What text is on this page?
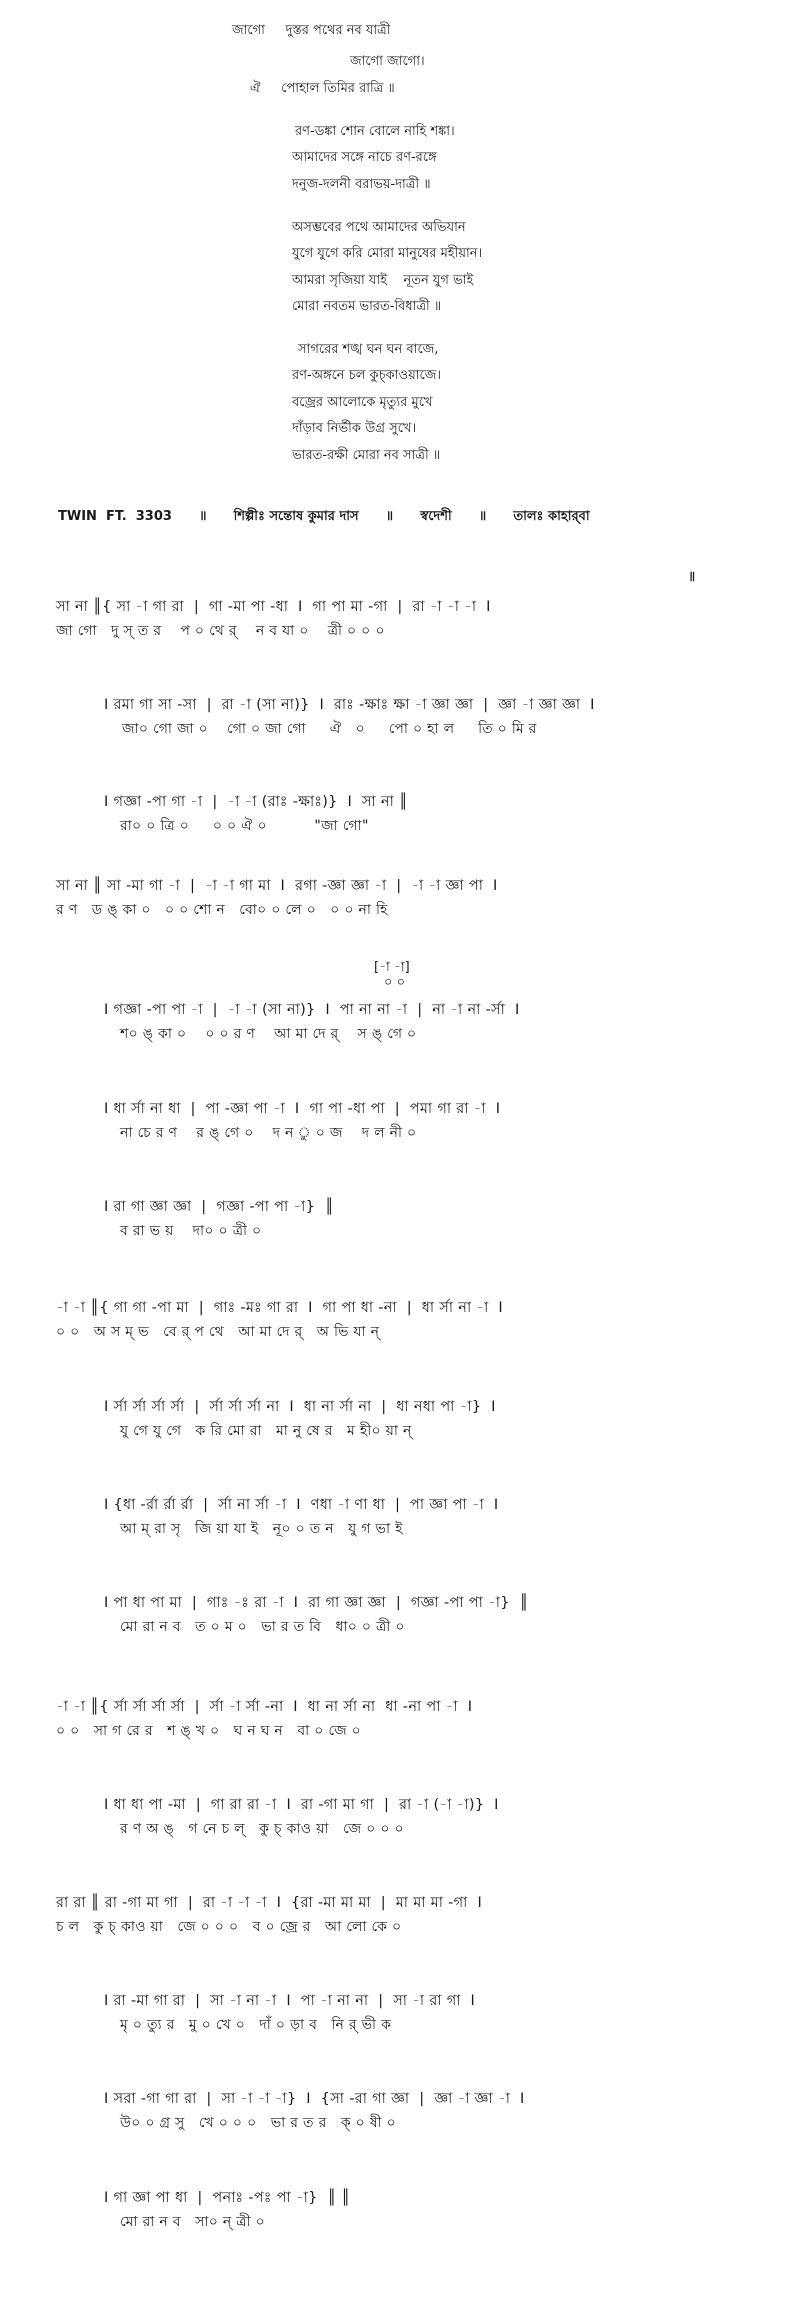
জাগো     দুস্তর পথের নব যাত্রী
জাগো জাগো।
ঐ     পোহাল তিমির রাত্রি ॥
রণ-ডঙ্কা শোন বোলে নাহি শঙ্কা।
আমাদের সঙ্গে নাচে রণ-রঙ্গে
দনুজ-দলনী বরাভয়-দাত্রী ॥
অসম্ভবের পথে আমাদের অভিযান
যুগে যুগে করি মোরা মানুষের মহীয়ান।
আমরা সৃজিয়া যাই    নূতন যুগ ভাই
মোরা নবতম ভারত-বিধাত্রী ॥
সাগরের শঙ্খ ঘন ঘন বাজে,
রণ-অঙ্গনে চল কুচ্‌কাওয়াজে।
বজ্রের আলোকে মৃত্যুর মুখে
দাঁড়াব নির্ভীক উগ্র সুখে।
ভারত-রক্ষী মোরা নব সাত্রী ॥
TWIN  FT.  3303      ॥      শিল্পীঃ সন্তোষ কুমার দাস      ॥      স্বদেশী      ॥      তালঃ কাহার্‌বা
৷৷
সা না ║{ সা -া গা রা  |  গা -মা পা -ধা  I  গা পা মা -গা  |  রা -া -া -া  I
জা গো   দু স্ ত র    প ০ থে র্    ন ব যা ০    ত্রী ০ ০ ০
I রমা গা সা -সা  |  রা -া (সা না)}  I  রাঃ -ক্ষাঃ ক্ষা -া জ্ঞা জ্ঞা  |  জ্ঞা -া জ্ঞা জ্ঞা  I
জা০ গো জা ০    গো ০ জা গো     ঐ   ০     পো ০ হা ল     তি ০ মি র
I গজ্ঞা -পা গা -া  |  -া -া (রাঃ -ক্ষাঃ)}  I  সা না ║
রা০ ০ ত্রি ০     ০ ০ ঐ ০          "জা গো"
সা না ║ সা -মা গা -া  |  -া -া গা মা  I  রগা -জ্ঞা জ্ঞা -া  |  -া -া জ্ঞা পা  I
র ণ   ড ঙ্ কা ০   ০ ০ শো ন   বো০ ০ লে ০   ০ ০ না হি
[-া -া]
০ ০
I গজ্ঞা -পা পা -া  |  -া -া (সা না)}  I  পা না না -া  |  না -া না -র্সা  I
শ০ ঙ্ কা ০    ০ ০ র ণ    আ মা দে র্    স ঙ্ গে ০
I ধা র্সা না ধা  |  পা -জ্ঞা পা -া  I  গা পা -ধা পা  |  পমা গা রা -া  I
না চে র ণ    র ঙ্ গে ০    দ ন ু ০ জ    দ ল নী ০
I রা গা জ্ঞা জ্ঞা  |  গজ্ঞা -পা পা -া}  ║
ব রা ভ য়    দা০ ০ ত্রী ০
-া -া ║{ গা গা -পা মা  |  গাঃ -মঃ গা রা  I  গা পা ধা -না  |  ধা র্সা না -া  I
০ ০   অ স ম্ ভ   বে র্ প থে   আ মা দে র্   অ ভি যা ন্
I র্সা র্সা র্সা র্সা  |  র্সা র্সা র্সা না  I  ধা না র্সা না  |  ধা নধা পা -া}  I
যু গে যু গে   ক রি মো রা   মা নু ষে র   ম হী০ য়া ন্
I {ধা -র্রা র্রা র্রা  |  র্সা না র্সা -া  I  ণধা -া ণা ধা  |  পা জ্ঞা পা -া  I
আ ম্ রা সৃ   জি য়া যা ই   নূ০ ০ ত ন   যু গ ভা ই
I পা ধা পা মা  |  গাঃ -ঃ রা -া  I  রা গা জ্ঞা জ্ঞা  |  গজ্ঞা -পা পা -া}  ║
মো রা ন ব   ত ০ ম ০   ভা র ত বি   ধা০ ০ ত্রী ০
-া -া ║{ র্সা র্সা র্সা র্সা  |  র্সা -া র্সা -না  I  ধা না র্সা না  ধা -না পা -া  I
০ ০   সা গ রে র   শ ঙ্ খ ০   ঘ ন ঘ ন   বা ০ জে ০
I ধা ধা পা -মা  |  গা রা রা -া  I  রা -গা মা গা  |  রা -া (-া -া)}  I
র ণ অ ঙ্   গ নে চ ল্   কু চ্ কাও য়া   জে ০ ০ ০
রা রা ║ রা -গা মা গা  |  রা -া -া -া  I  {রা -মা মা মা  |  মা মা মা -গা  I
চ ল   কু চ্ কাও য়া   জে ০ ০ ০   ব ০ জ্রে র   আ লো কে ০
I রা -মা গা রা  |  সা -া না -া  I  পা -া না না  |  সা -া রা গা  I
মৃ ০ ত্যু র   মু ০ খে ০   দাঁ ০ ড়া ব   নি র্ ভী ক
I সরা -গা গা রা  |  সা -া -া -া}  I  {সা -রা গা জ্ঞা  |  জ্ঞা -া জ্ঞা -া  I
উ০ ০ গ্র সু   খে ০ ০ ০   ভা র ত র   ক্ ০ ষী ০
I গা জ্ঞা পা ধা  |  পনাঃ -পঃ পা -া}  ║ ║
মো রা ন ব   সা০ ন্ ত্রী ০
